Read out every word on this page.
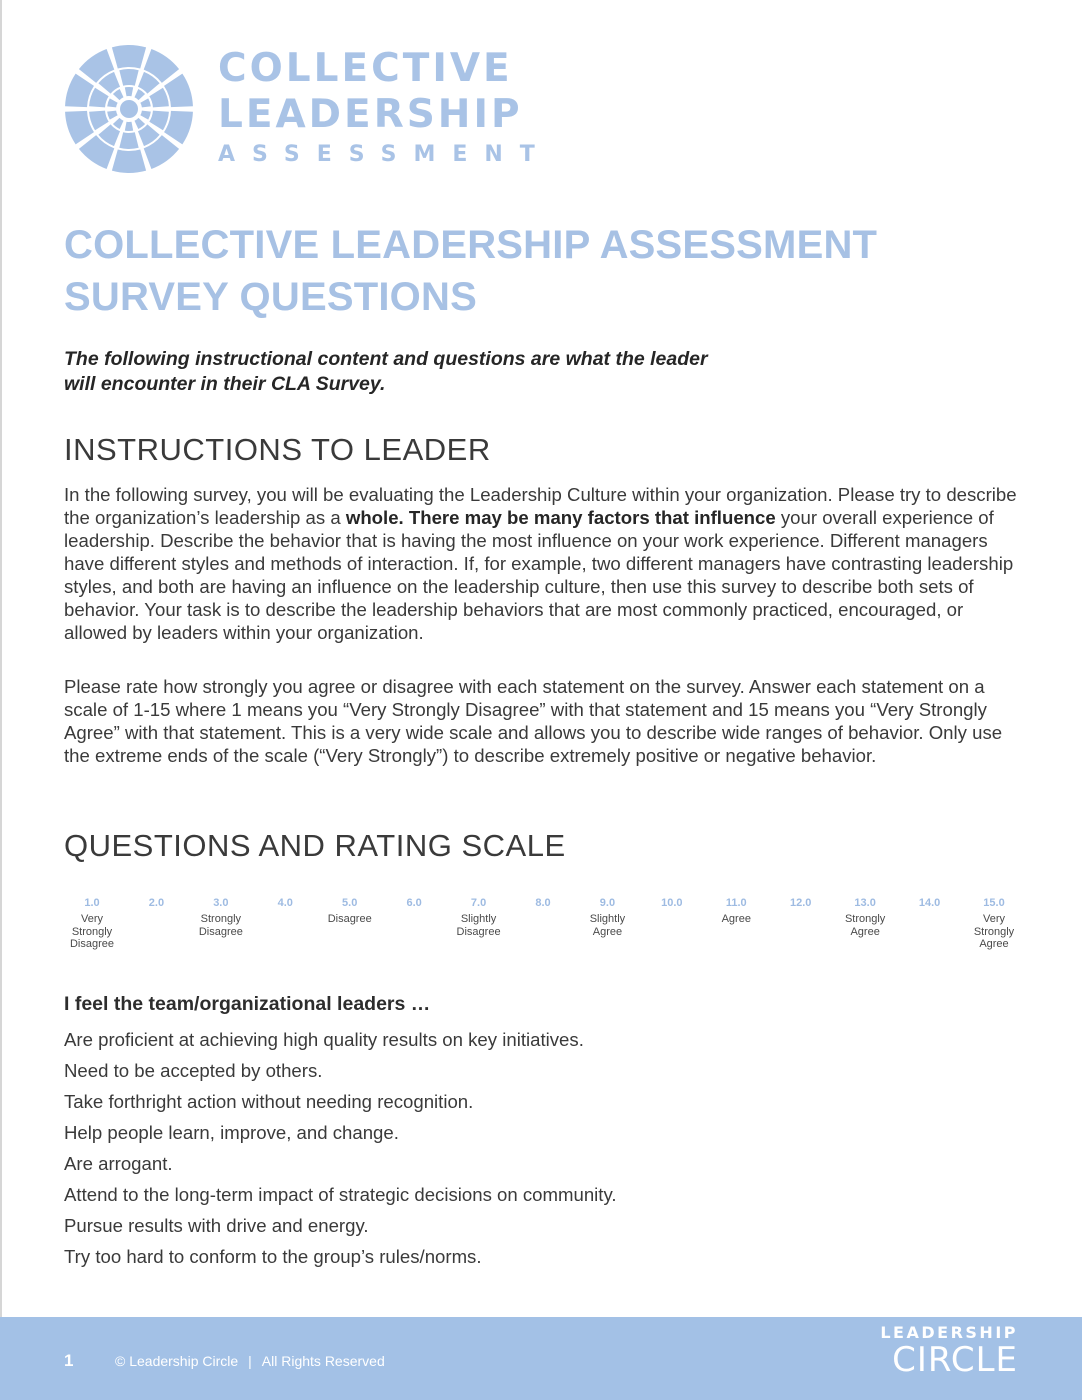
COLLECTIVE
LEADERSHIP
ASSESSMENT
COLLECTIVE LEADERSHIP ASSESSMENT
SURVEY QUESTIONS

The following instructional content and questions are what the leader
will encounter in their CLA Survey.

INSTRUCTIONS TO LEADER

In the following survey, you will be evaluating the Leadership Culture within your organization. Please try to describe the organization’s leadership as a whole. There may be many factors that influence your overall experience of leadership. Describe the behavior that is having the most influence on your work experience. Different managers have different styles and methods of interaction. If, for example, two different managers have contrasting leadership styles, and both are having an influence on the leadership culture, then use this survey to describe both sets of behavior. Your task is to describe the leadership behaviors that are most commonly practiced, encouraged, or allowed by leaders within your organization.

Please rate how strongly you agree or disagree with each statement on the survey. Answer each statement on a scale of 1-15 where 1 means you “Very Strongly Disagree” with that statement and 15 means you “Very Strongly Agree” with that statement. This is a very wide scale and allows you to describe wide ranges of behavior. Only use the extreme ends of the scale (“Very Strongly”) to describe extremely positive or negative behavior.

QUESTIONS AND RATING SCALE
1.0
Very
Strongly
Disagree
2.0	3.0
Strongly
Disagree
4.0	5.0
Disagree
6.0	7.0
Slightly
Disagree
8.0	9.0
Slightly
Agree
10.0	11.0
Agree
12.0	13.0
Strongly
Agree
14.0	15.0
Very
Strongly
Agree
I feel the team/organizational leaders …
Are proficient at achieving high quality results on key initiatives.
Need to be accepted by others.
Take forthright action without needing recognition.
Help people learn, improve, and change.
Are arrogant.
Attend to the long-term impact of strategic decisions on community.
Pursue results with drive and energy.
Try too hard to conform to the group’s rules/norms.
1	© Leadership Circle | All Rights Reserved
LEADERSHIP
CIRCLE
